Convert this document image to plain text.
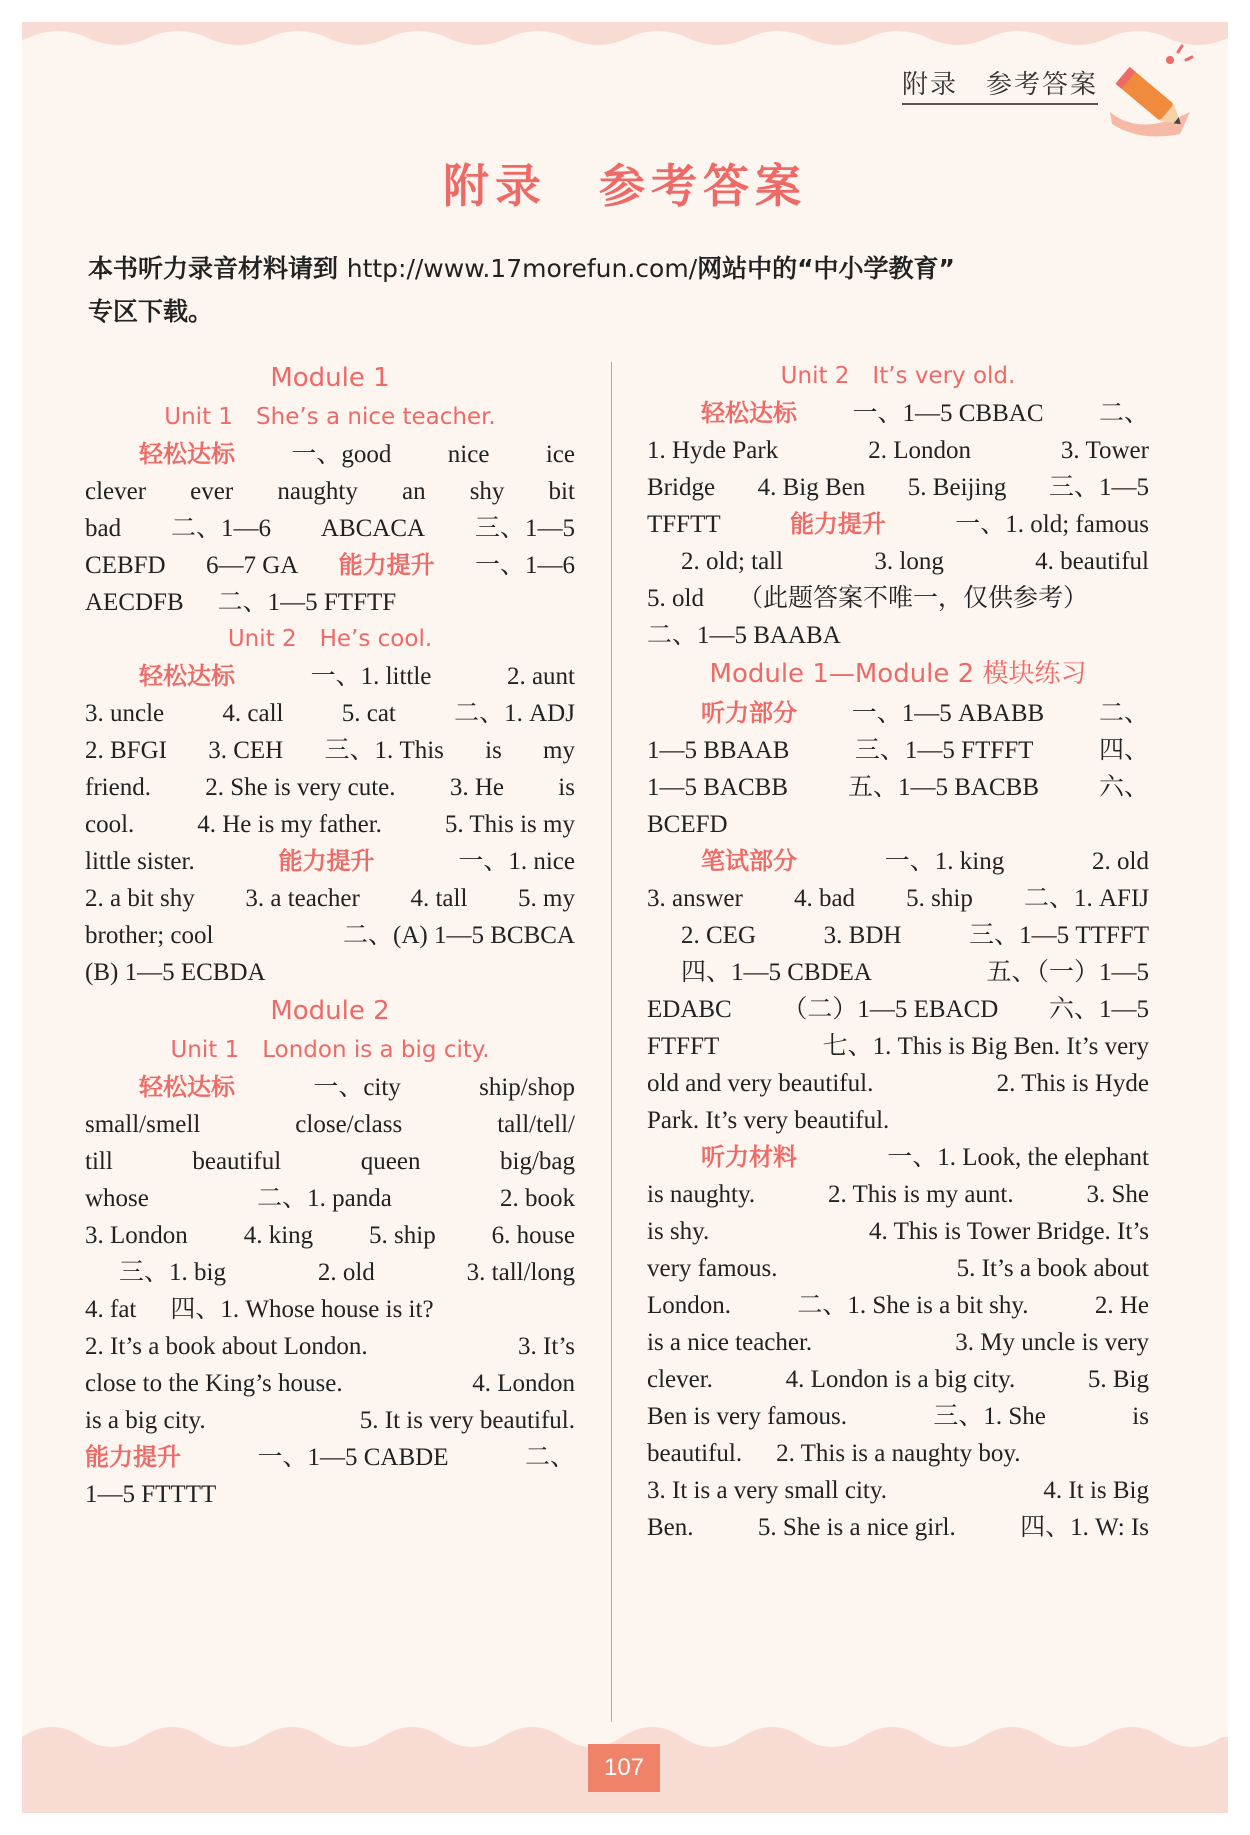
附录　参考答案
附录　参考答案
本书听力录音材料请到 http://www.17morefun.com/网站中的“中小学教育”
专区下载。
Module 1
Unit 1　She’s a nice teacher.
轻松达标 一、good nice ice
clever ever naughty an shy bit
bad 二、1—6 ABCACA 三、1—5
CEBFD 6—7 GA 能力提升 一、1—6
AECDFB 二、1—5 FTFTF
Unit 2　He’s cool.
轻松达标	一、1. little	2. aunt
3. uncle 4. call 5. cat 二、1. ADJ
2. BFGI 3. CEH 三、1. This is my
friend. 2. She is very cute. 3. He is
cool.	4. He is my father.	5. This is my
little sister.	能力提升	一、1. nice
2. a bit shy 3. a teacher 4. tall 5. my
brother; cool	二、(A) 1—5 BCBCA
(B) 1—5 ECBDA
Module 2
Unit 1　London is a big city.
轻松达标	一、city	ship/shop
small/smell	close/class	tall/tell/
till	beautiful	queen	big/bag
whose	二、1. panda	2. book
3. London 4. king 5. ship 6. house
三、1. big	2. old	3. tall/long
4. fat 四、1. Whose house is it?
2. It’s a book about London.	3. It’s
close to the King’s house.	4. London
is a big city.	5. It is very beautiful.
能力提升	一、1—5 CABDE	二、
1—5 FTTTT
Unit 2　It’s very old.
轻松达标 一、1—5 CBBAC 二、
1. Hyde Park	2. London	3. Tower
Bridge 4. Big Ben 5. Beijing 三、1—5
TFFTT	能力提升	一、1. old; famous
2. old; tall	3. long	4. beautiful
5. old （此题答案不唯一，仅供参考）
二、1—5 BAABA
Module 1—Module 2 模块练习
听力部分 一、1—5 ABABB 二、
1—5 BBAAB	三、1—5 FTFFT	四、
1—5 BACBB 五、1—5 BACBB 六、
BCEFD
笔试部分	一、1. king	2. old
3. answer 4. bad 5. ship 二、1. AFIJ
2. CEG	3. BDH	三、1—5 TTFFT
四、1—5 CBDEA	五、（一）1—5
EDABC （二）1—5 EBACD 六、1—5
FTFFT	七、1. This is Big Ben. It’s very
old and very beautiful.	2. This is Hyde
Park. It’s very beautiful.
听力材料	一、1. Look, the elephant
is naughty.	2. This is my aunt.	3. She
is shy.	4. This is Tower Bridge. It’s
very famous.	5. It’s a book about
London.	二、1. She is a bit shy.	2. He
is a nice teacher.	3. My uncle is very
clever.	4. London is a big city.	5. Big
Ben is very famous.	三、1. She	is
beautiful. 2. This is a naughty boy.
3. It is a very small city.	4. It is Big
Ben.	5. She is a nice girl.	四、1. W: Is
107
